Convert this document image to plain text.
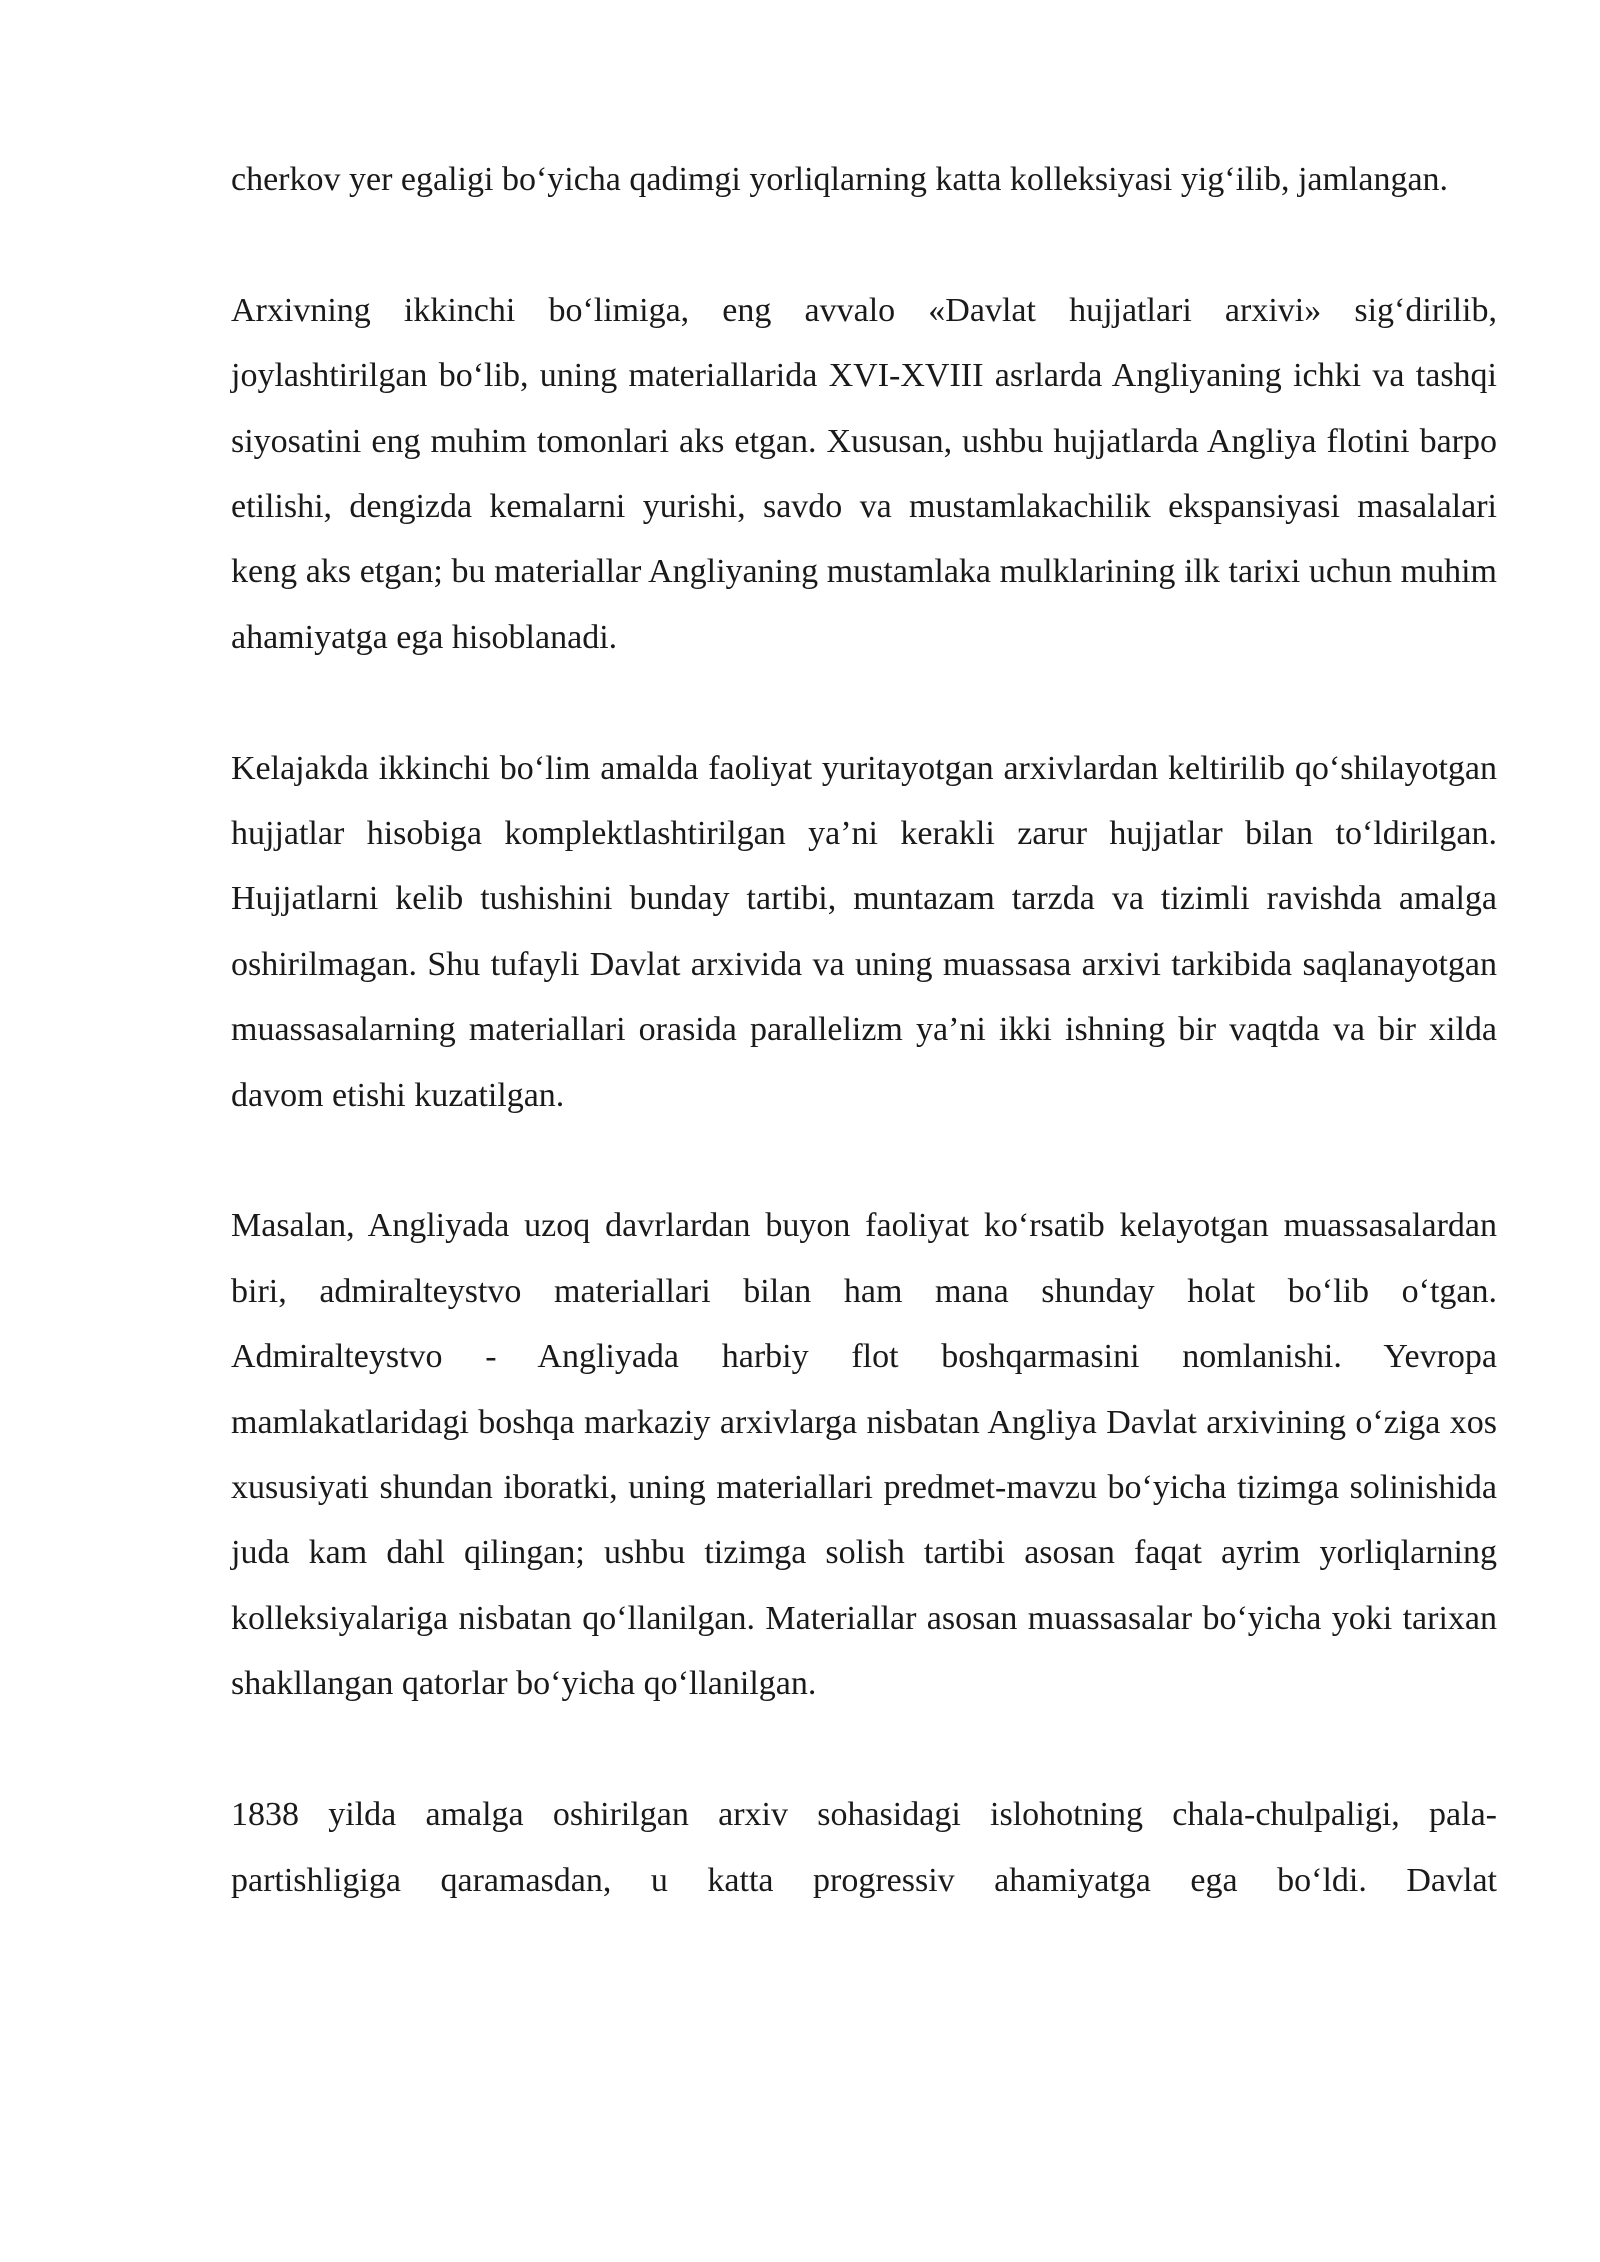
cherkov yer egaligi bo‘yicha qadimgi yorliqlarning katta kolleksiyasi yig‘ilib, jamlangan.

Arxivning ikkinchi bo‘limiga, eng avvalo «Davlat hujjatlari arxivi» sig‘dirilib, joylashtirilgan bo‘lib, uning materiallarida XVI-XVIII asrlarda Angliyaning ichki va tashqi siyosatini eng muhim tomonlari aks etgan. Xususan, ushbu hujjatlarda Angliya flotini barpo etilishi, dengizda kemalarni yurishi, savdo va mustamlakachilik ekspansiyasi masalalari keng aks etgan; bu materiallar Angliyaning mustamlaka mulklarining ilk tarixi uchun muhim ahamiyatga ega hisoblanadi.

Kelajakda ikkinchi bo‘lim amalda faoliyat yuritayotgan arxivlardan keltirilib qo‘shilayotgan hujjatlar hisobiga komplektlashtirilgan ya’ni kerakli zarur hujjatlar bilan to‘ldirilgan. Hujjatlarni kelib tushishini bunday tartibi, muntazam tarzda va tizimli ravishda amalga oshirilmagan. Shu tufayli Davlat arxivida va uning muassasa arxivi tarkibida saqlanayotgan muassasalarning materiallari orasida parallelizm ya’ni ikki ishning bir vaqtda va bir xilda davom etishi kuzatilgan.

Masalan, Angliyada uzoq davrlardan buyon faoliyat ko‘rsatib kelayotgan muassasalardan biri, admiralteystvo materiallari bilan ham mana shunday holat bo‘lib o‘tgan. Admiralteystvo - Angliyada harbiy flot boshqarmasini nomlanishi. Yevropa mamlakatlaridagi boshqa markaziy arxivlarga nisbatan Angliya Davlat arxivining o‘ziga xos xususiyati shundan iboratki, uning materiallari predmet-mavzu bo‘yicha tizimga solinishida juda kam dahl qilingan; ushbu tizimga solish tartibi asosan faqat ayrim yorliqlarning kolleksiyalariga nisbatan qo‘llanilgan. Materiallar asosan muassasalar bo‘yicha yoki tarixan shakllangan qatorlar bo‘yicha qo‘llanilgan.

1838 yilda amalga oshirilgan arxiv sohasidagi islohotning chala-chulpaligi, pala-partishligiga qaramasdan, u katta progressiv ahamiyatga ega bo‘ldi. Davlat
